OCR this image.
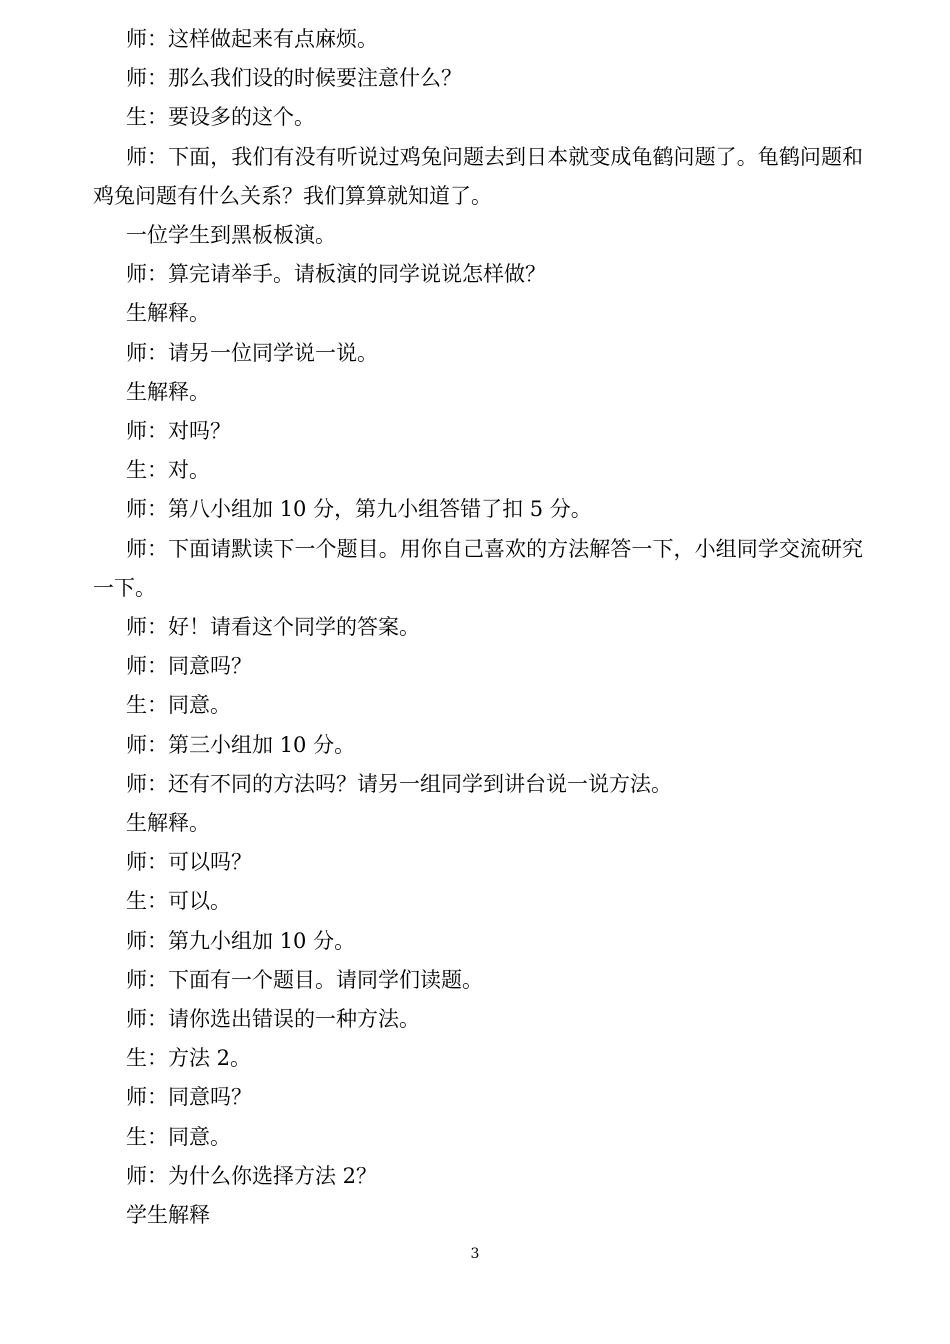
师：这样做起来有点麻烦。

师：那么我们设的时候要注意什么？

生：要设多的这个。

师：下面，我们有没有听说过鸡兔问题去到日本就变成龟鹤问题了。龟鹤问题和鸡兔问题有什么关系？我们算算就知道了。

一位学生到黑板板演。

师：算完请举手。请板演的同学说说怎样做？

生解释。

师：请另一位同学说一说。

生解释。

师：对吗？

生：对。

师：第八小组加 10 分，第九小组答错了扣 5 分。

师：下面请默读下一个题目。用你自己喜欢的方法解答一下，小组同学交流研究一下。

师：好！请看这个同学的答案。

师：同意吗？

生：同意。

师：第三小组加 10 分。

师：还有不同的方法吗？请另一组同学到讲台说一说方法。

生解释。

师：可以吗？

生：可以。

师：第九小组加 10 分。

师：下面有一个题目。请同学们读题。

师：请你选出错误的一种方法。

生：方法 2。

师：同意吗？

生：同意。

师：为什么你选择方法 2？

学生解释

3
